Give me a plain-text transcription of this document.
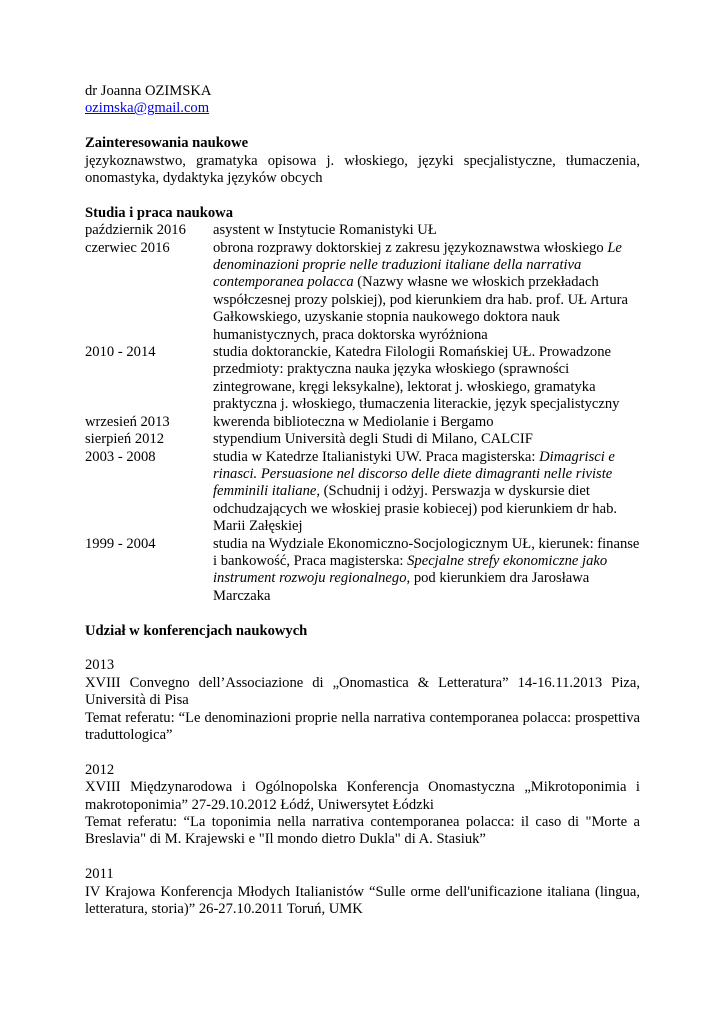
dr Joanna OZIMSKA

ozimska@gmail.com
Zainteresowania naukowe

językoznawstwo, gramatyka opisowa j. włoskiego, języki specjalistyczne, tłumaczenia, onomastyka, dydaktyka języków obcych

Studia i praca naukowa
październik 2016	asystent w Instytucie Romanistyki UŁ
czerwiec 2016	obrona rozprawy doktorskiej z zakresu językoznawstwa włoskiego Le denominazioni proprie nelle traduzioni italiane della narrativa contemporanea polacca (Nazwy własne we włoskich przekładach współczesnej prozy polskiej), pod kierunkiem dra hab. prof. UŁ Artura Gałkowskiego, uzyskanie stopnia naukowego doktora nauk humanistycznych, praca doktorska wyróżniona
2010 - 2014	studia doktoranckie, Katedra Filologii Romańskiej UŁ. Prowadzone przedmioty: praktyczna nauka języka włoskiego (sprawności zintegrowane, kręgi leksykalne), lektorat j. włoskiego, gramatyka praktyczna j. włoskiego, tłumaczenia literackie, język specjalistyczny
wrzesień 2013	kwerenda biblioteczna w Mediolanie i Bergamo
sierpień 2012	stypendium Università degli Studi di Milano, CALCIF
2003 - 2008	studia w Katedrze Italianistyki UW. Praca magisterska: Dimagrisci e rinasci. Persuasione nel discorso delle diete dimagranti nelle riviste femminili italiane, (Schudnij i odżyj. Perswazja w dyskursie diet odchudzających we włoskiej prasie kobiecej) pod kierunkiem dr hab. Marii Załęskiej
1999 - 2004	studia na Wydziale Ekonomiczno-Socjologicznym UŁ, kierunek: finanse i bankowość, Praca magisterska: Specjalne strefy ekonomiczne jako instrument rozwoju regionalnego, pod kierunkiem dra Jarosława Marczaka
Udział w konferencjach naukowych

2013

XVIII Convegno dell’Associazione di „Onomastica & Letteratura” 14-16.11.2013 Piza, Università di Pisa

Temat referatu: “Le denominazioni proprie nella narrativa contemporanea polacca: prospettiva traduttologica”

2012

XVIII Międzynarodowa i Ogólnopolska Konferencja Onomastyczna „Mikrotoponimia i makrotoponimia” 27-29.10.2012 Łódź, Uniwersytet Łódzki

Temat referatu: “La toponimia nella narrativa contemporanea polacca: il caso di "Morte a Breslavia" di M. Krajewski e "Il mondo dietro Dukla" di A. Stasiuk”

2011

IV Krajowa Konferencja Młodych Italianistów “Sulle orme dell'unificazione italiana (lingua, letteratura, storia)” 26-27.10.2011 Toruń, UMK
